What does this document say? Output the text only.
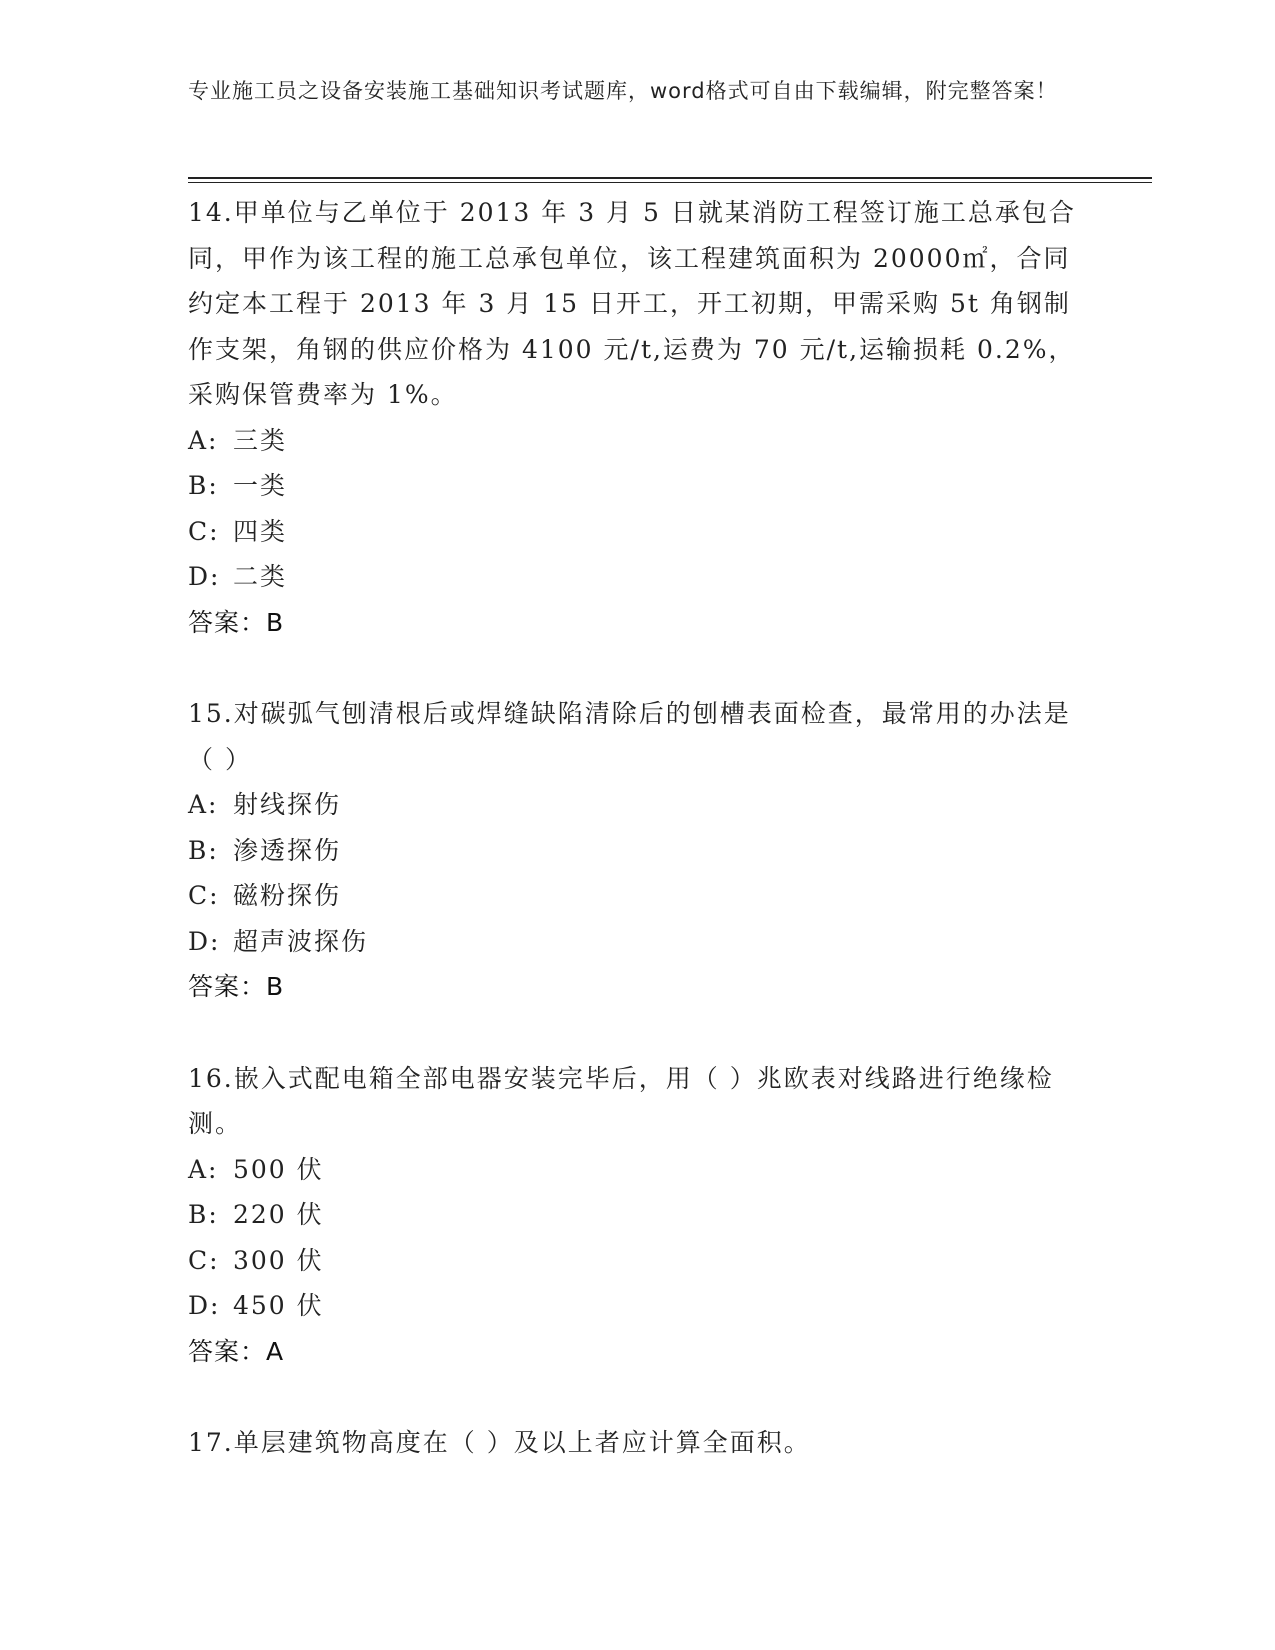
专业施工员之设备安装施工基础知识考试题库，word格式可自由下载编辑，附完整答案！

14.甲单位与乙单位于 2013 年 3 月 5 日就某消防工程签订施工总承包合同，甲作为该工程的施工总承包单位，该工程建筑面积为 20000㎡，合同约定本工程于 2013 年 3 月 15 日开工，开工初期，甲需采购 5t 角钢制作支架，角钢的供应价格为 4100 元/t,运费为 70 元/t,运输损耗 0.2%，采购保管费率为 1%。

A: 三类
B: 一类
C: 四类
D: 二类
答案：B

15.对碳弧气刨清根后或焊缝缺陷清除后的刨槽表面检查，最常用的办法是（ ）

A: 射线探伤
B: 渗透探伤
C: 磁粉探伤
D: 超声波探伤
答案：B

16.嵌入式配电箱全部电器安装完毕后，用（ ）兆欧表对线路进行绝缘检测。

A: 500 伏
B: 220 伏
C: 300 伏
D: 450 伏
答案：A

17.单层建筑物高度在（ ）及以上者应计算全面积。
